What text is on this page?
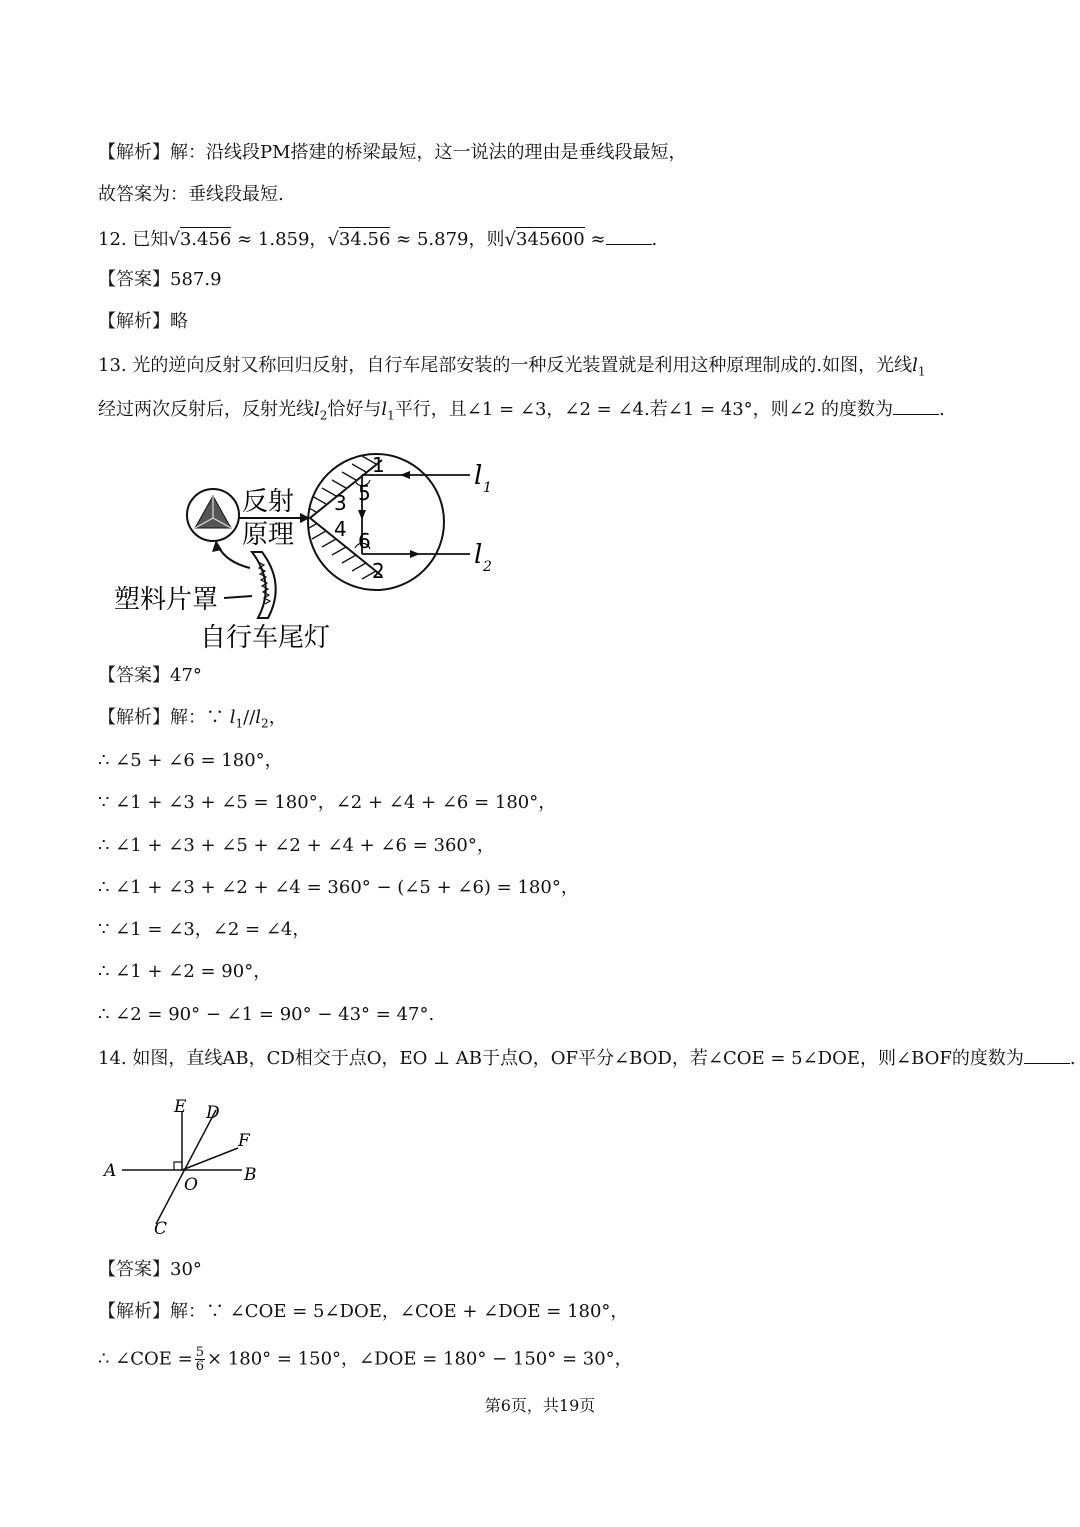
【解析】解：沿线段PM搭建的桥梁最短，这一说法的理由是垂线段最短，
故答案为：垂线段最短.
12. 已知√3.456 ≈ 1.859，√34.56 ≈ 5.879，则√345600 ≈	.
【答案】587.9
【解析】略
13. 光的逆向反射又称回归反射，自行车尾部安装的一种反光装置就是利用这种原理制成的.如图，光线$l_1$
经过两次反射后，反射光线$l_2$恰好与$l_1$平行，且∠1 = ∠3，∠2 = ∠4.若∠1 = 43°，则∠2 的度数为	.
反射
原理
1
5
3
4 6
2
l 1
l 2
塑料片罩
自行车尾灯
【答案】47°
【解析】解：∵ $l_1//l_2$，
∴ ∠5 + ∠6 = 180°，
∵ ∠1 + ∠3 + ∠5 = 180°，∠2 + ∠4 + ∠6 = 180°，
∴ ∠1 + ∠3 + ∠5 + ∠2 + ∠4 + ∠6 = 360°，
∴ ∠1 + ∠3 + ∠2 + ∠4 = 360° − (∠5 + ∠6) = 180°，
∵ ∠1 = ∠3，∠2 = ∠4，
∴ ∠1 + ∠2 = 90°，
∴ ∠2 = 90° − ∠1 = 90° − 43° = 47°.
14. 如图，直线AB，CD相交于点O，EO ⊥ AB于点O，OF平分∠BOD，若∠COE = 5∠DOE，则∠BOF的度数为	.
E D
F
A	B
O
C
【答案】30°
【解析】解：∵ ∠COE = 5∠DOE，∠COE + ∠DOE = 180°，
∴ ∠COE = $\frac{5}{6} \times 180^\circ = 150^\circ$，∠DOE = 180° − 150° = 30°，
第6页，共19页
